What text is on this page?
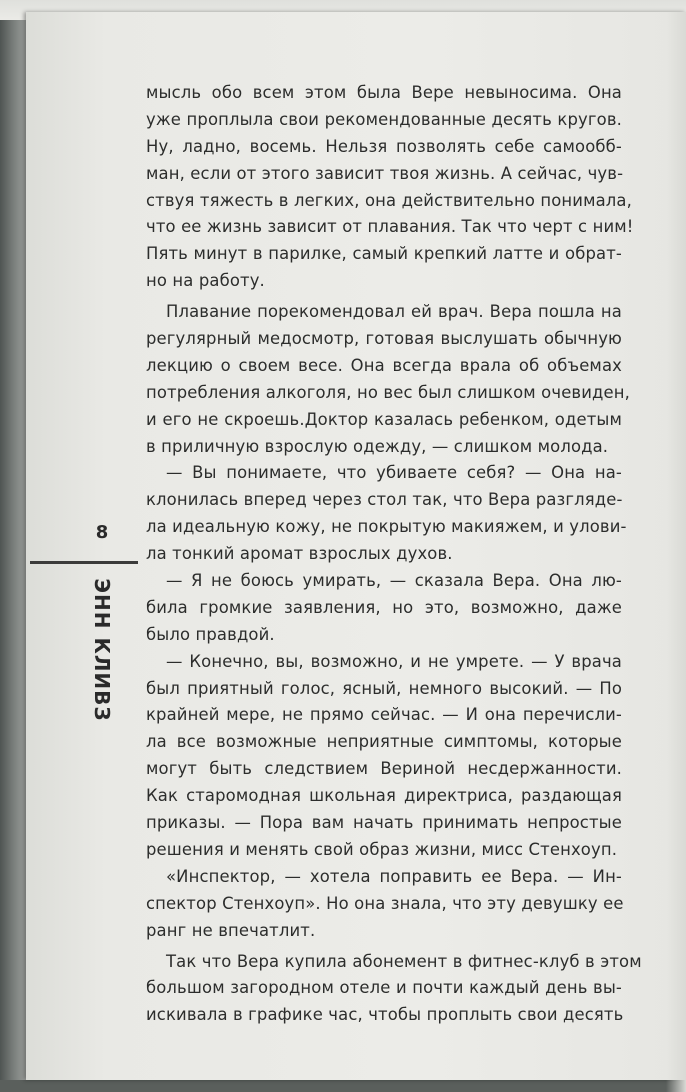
8
ЭНН КЛИВЗ
мысль обо всем этом была Вере невыносима. Она
уже проплыла свои рекомендованные десять кругов.
Ну, ладно, восемь. Нельзя позволять себе самообб-
ман, если от этого зависит твоя жизнь. А сейчас, чув-
ствуя тяжесть в легких, она действительно понимала,
что ее жизнь зависит от плавания. Так что черт с ним!
Пять минут в парилке, самый крепкий латте и обрат-
но на работу.
Плавание порекомендовал ей врач. Вера пошла на
регулярный медосмотр, готовая выслушать обычную
лекцию о своем весе. Она всегда врала об объемах
потребления алкоголя, но вес был слишком очевиден,
и его не скроешь.Доктор казалась ребенком, одетым
в приличную взрослую одежду, — слишком молода.
— Вы понимаете, что убиваете себя? — Она на-
клонилась вперед через стол так, что Вера разгляде-
ла идеальную кожу, не покрытую макияжем, и улови-
ла тонкий аромат взрослых духов.
— Я не боюсь умирать, — сказала Вера. Она лю-
била громкие заявления, но это, возможно, даже
было правдой.
— Конечно, вы, возможно, и не умрете. — У врача
был приятный голос, ясный, немного высокий. — По
крайней мере, не прямо сейчас. — И она перечисли-
ла все возможные неприятные симптомы, которые
могут быть следствием Вериной несдержанности.
Как старомодная школьная директриса, раздающая
приказы. — Пора вам начать принимать непростые
решения и менять свой образ жизни, мисс Стенхоуп.
«Инспектор, — хотела поправить ее Вера. — Ин-
спектор Стенхоуп». Но она знала, что эту девушку ее
ранг не впечатлит.
Так что Вера купила абонемент в фитнес-клуб в этом
большом загородном отеле и почти каждый день вы-
искивала в графике час, чтобы проплыть свои десять
